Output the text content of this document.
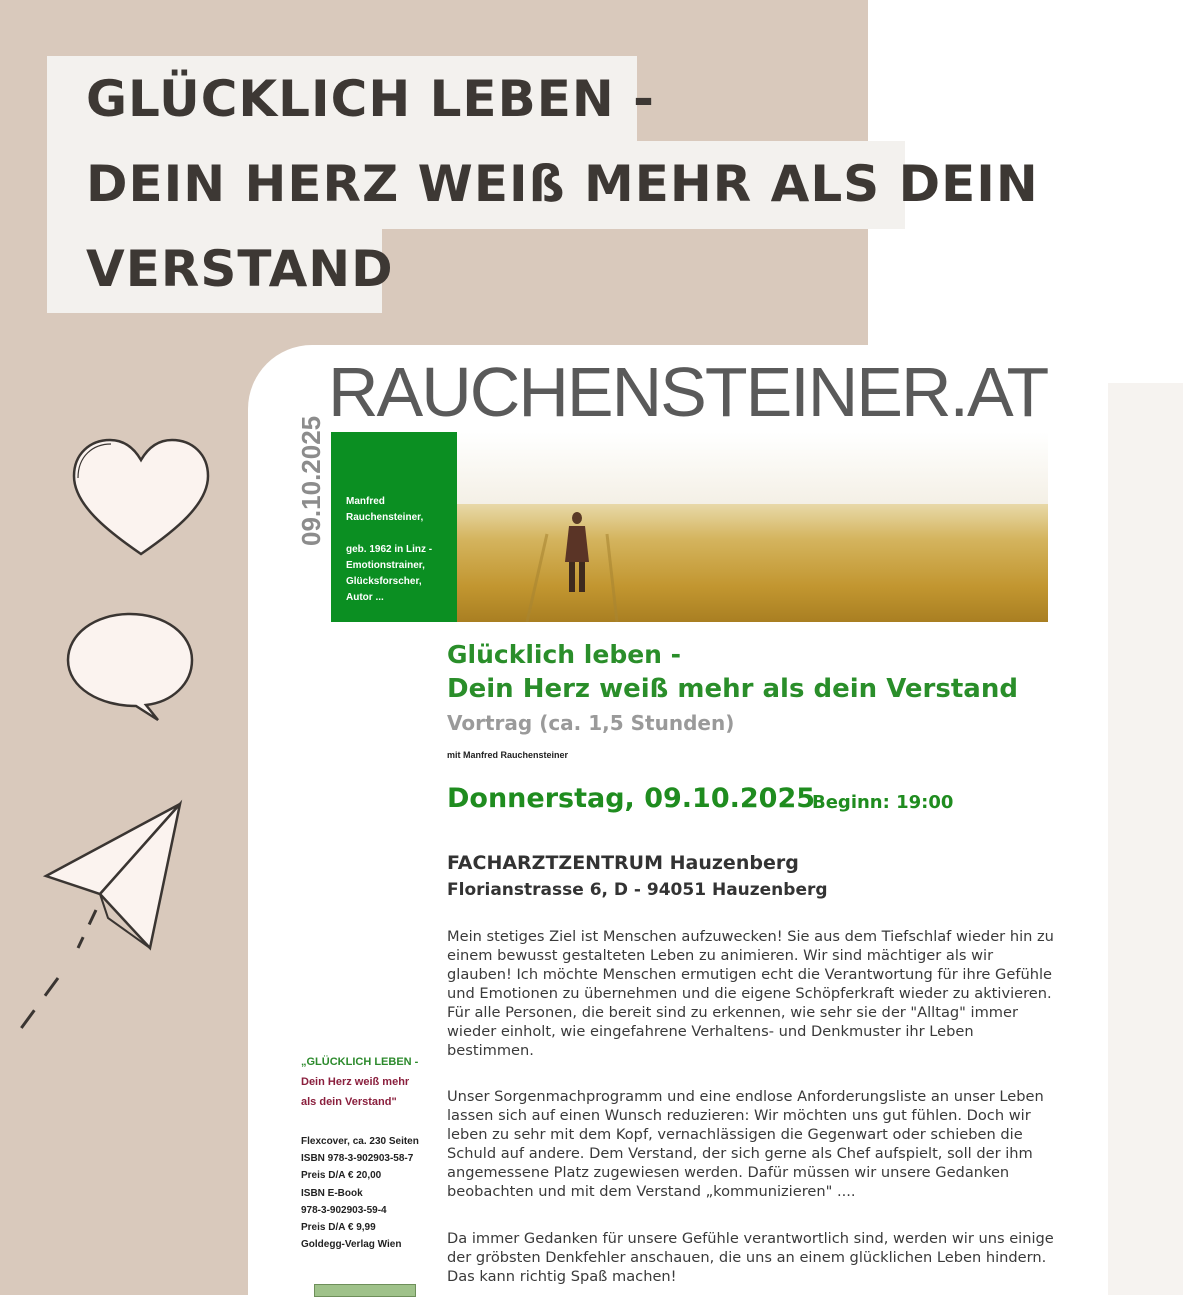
GLÜCKLICH LEBEN -
DEIN HERZ WEIß MEHR ALS DEIN
VERSTAND
RAUCHENSTEINER.AT
09.10.2025 Manfred
Rauchensteiner,
geb. 1962 in Linz -
Emotionstrainer,
Glücksforscher,
Autor ...
Glücklich leben -
Dein Herz weiß mehr als dein Verstand
Vortrag (ca. 1,5 Stunden)
mit Manfred Rauchensteiner
Donnerstag, 09.10.2025
Beginn: 19:00
FACHARZTZENTRUM Hauzenberg
Florianstrasse 6, D - 94051 Hauzenberg

Mein stetiges Ziel ist Menschen aufzuwecken! Sie aus dem Tiefschlaf wieder hin zu einem bewusst gestalteten Leben zu animieren. Wir sind mächtiger als wir glauben! Ich möchte Menschen ermutigen echt die Verantwortung für ihre Gefühle und Emotionen zu übernehmen und die eigene Schöpferkraft wieder zu aktivieren. Für alle Personen, die bereit sind zu erkennen, wie sehr sie der "Alltag" immer wieder einholt, wie eingefahrene Verhaltens- und Denkmuster ihr Leben bestimmen.

Unser Sorgenmachprogramm und eine endlose Anforderungsliste an unser Leben lassen sich auf einen Wunsch reduzieren: Wir möchten uns gut fühlen. Doch wir leben zu sehr mit dem Kopf, vernachlässigen die Gegenwart oder schieben die Schuld auf andere. Dem Verstand, der sich gerne als Chef aufspielt, soll der ihm angemessene Platz zugewiesen werden. Dafür müssen wir unsere Gedanken beobachten und mit dem Verstand „kommunizieren" ....

Da immer Gedanken für unsere Gefühle verantwortlich sind, werden wir uns einige der gröbsten Denkfehler anschauen, die uns an einem glücklichen Leben hindern. Das kann richtig Spaß machen!

„GLÜCKLICH LEBEN -
Dein Herz weiß mehr
als dein Verstand"
Flexcover, ca. 230 Seiten
ISBN 978-3-902903-58-7
Preis D/A € 20,00
ISBN E-Book
978-3-902903-59-4
Preis D/A € 9,99
Goldegg-Verlag Wien
